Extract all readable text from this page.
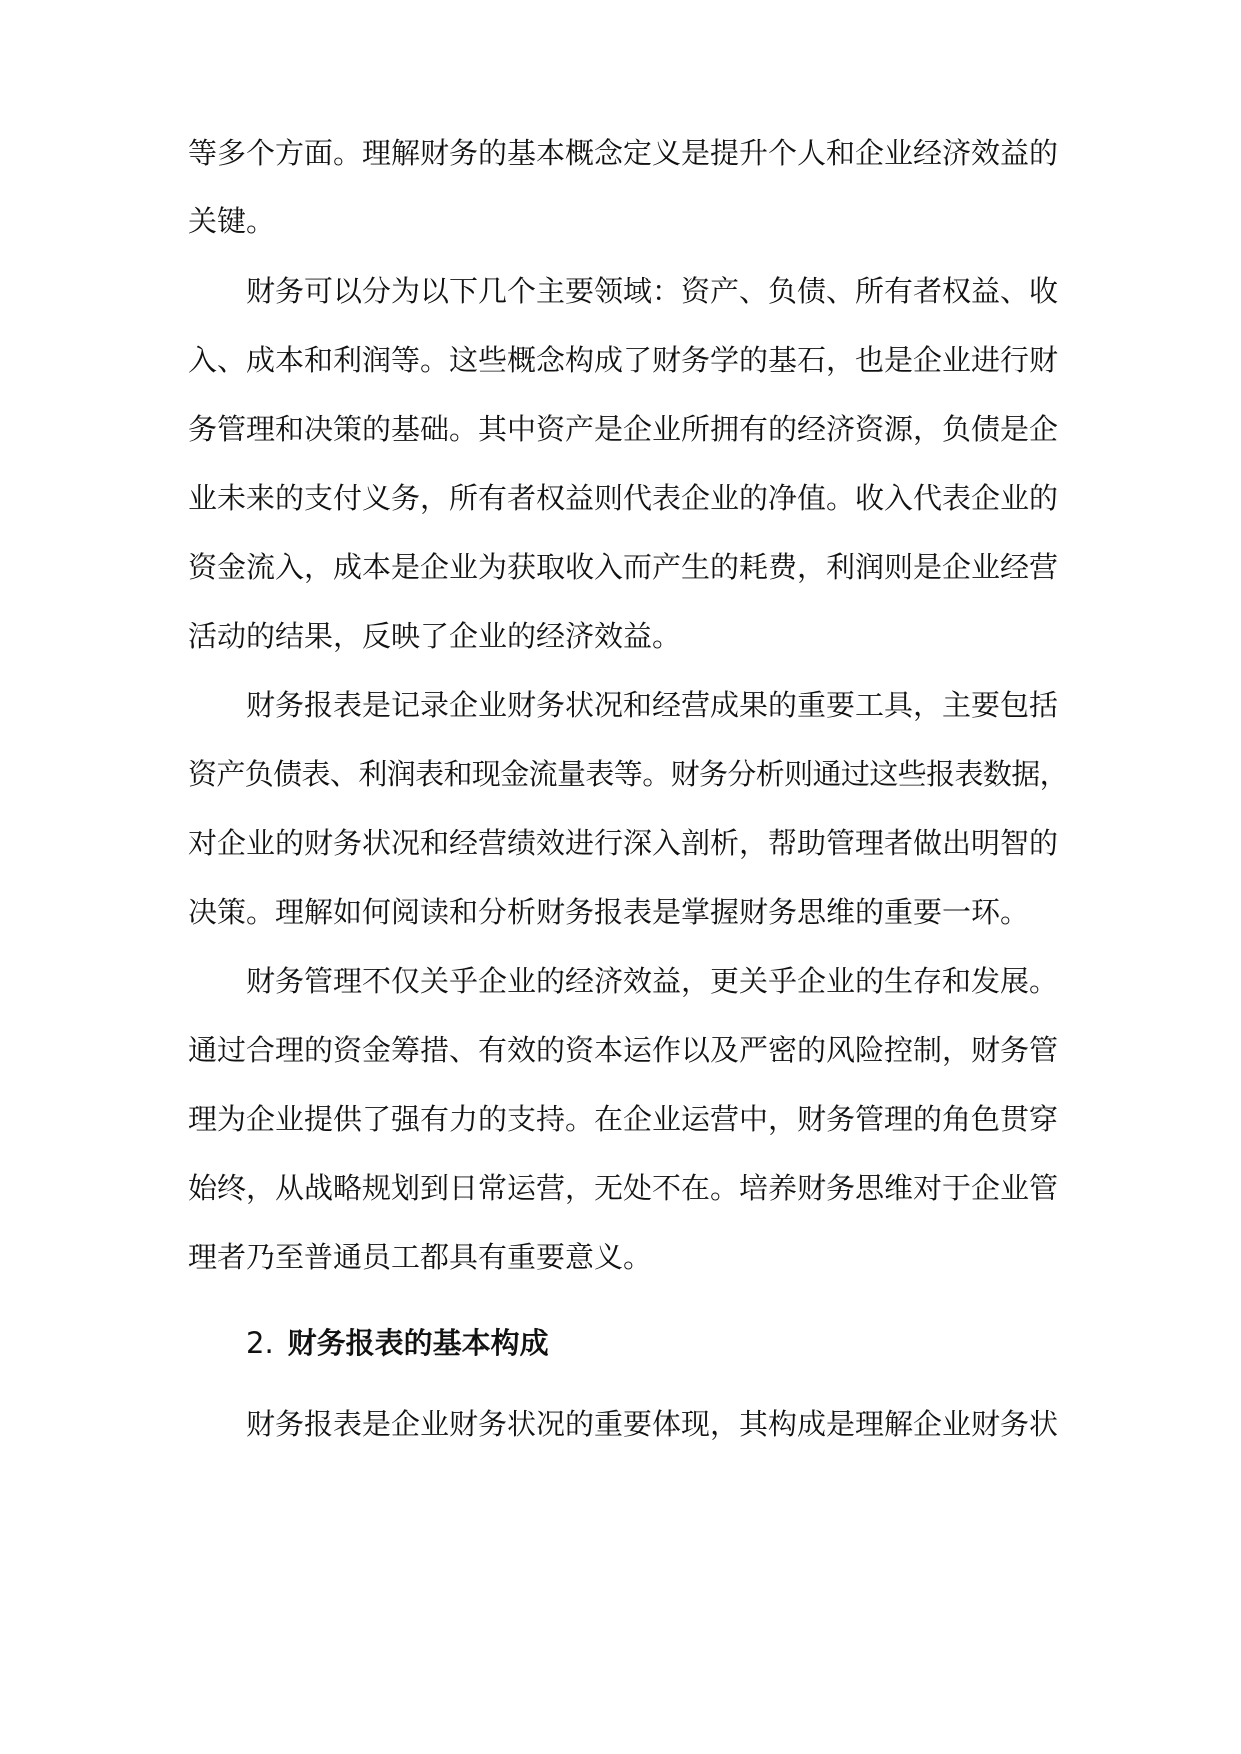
等多个方面。理解财务的基本概念定义是提升个人和企业经济效益的
关键。
财务可以分为以下几个主要领域：资产、负债、所有者权益、收
入、成本和利润等。这些概念构成了财务学的基石，也是企业进行财
务管理和决策的基础。其中资产是企业所拥有的经济资源，负债是企
业未来的支付义务，所有者权益则代表企业的净值。收入代表企业的
资金流入，成本是企业为获取收入而产生的耗费，利润则是企业经营
活动的结果，反映了企业的经济效益。
财务报表是记录企业财务状况和经营成果的重要工具，主要包括
资产负债表、利润表和现金流量表等。财务分析则通过这些报表数据，
对企业的财务状况和经营绩效进行深入剖析，帮助管理者做出明智的
决策。理解如何阅读和分析财务报表是掌握财务思维的重要一环。
财务管理不仅关乎企业的经济效益，更关乎企业的生存和发展。
通过合理的资金筹措、有效的资本运作以及严密的风险控制，财务管
理为企业提供了强有力的支持。在企业运营中，财务管理的角色贯穿
始终，从战略规划到日常运营，无处不在。培养财务思维对于企业管
理者乃至普通员工都具有重要意义。
2. 财务报表的基本构成
财务报表是企业财务状况的重要体现，其构成是理解企业财务状
